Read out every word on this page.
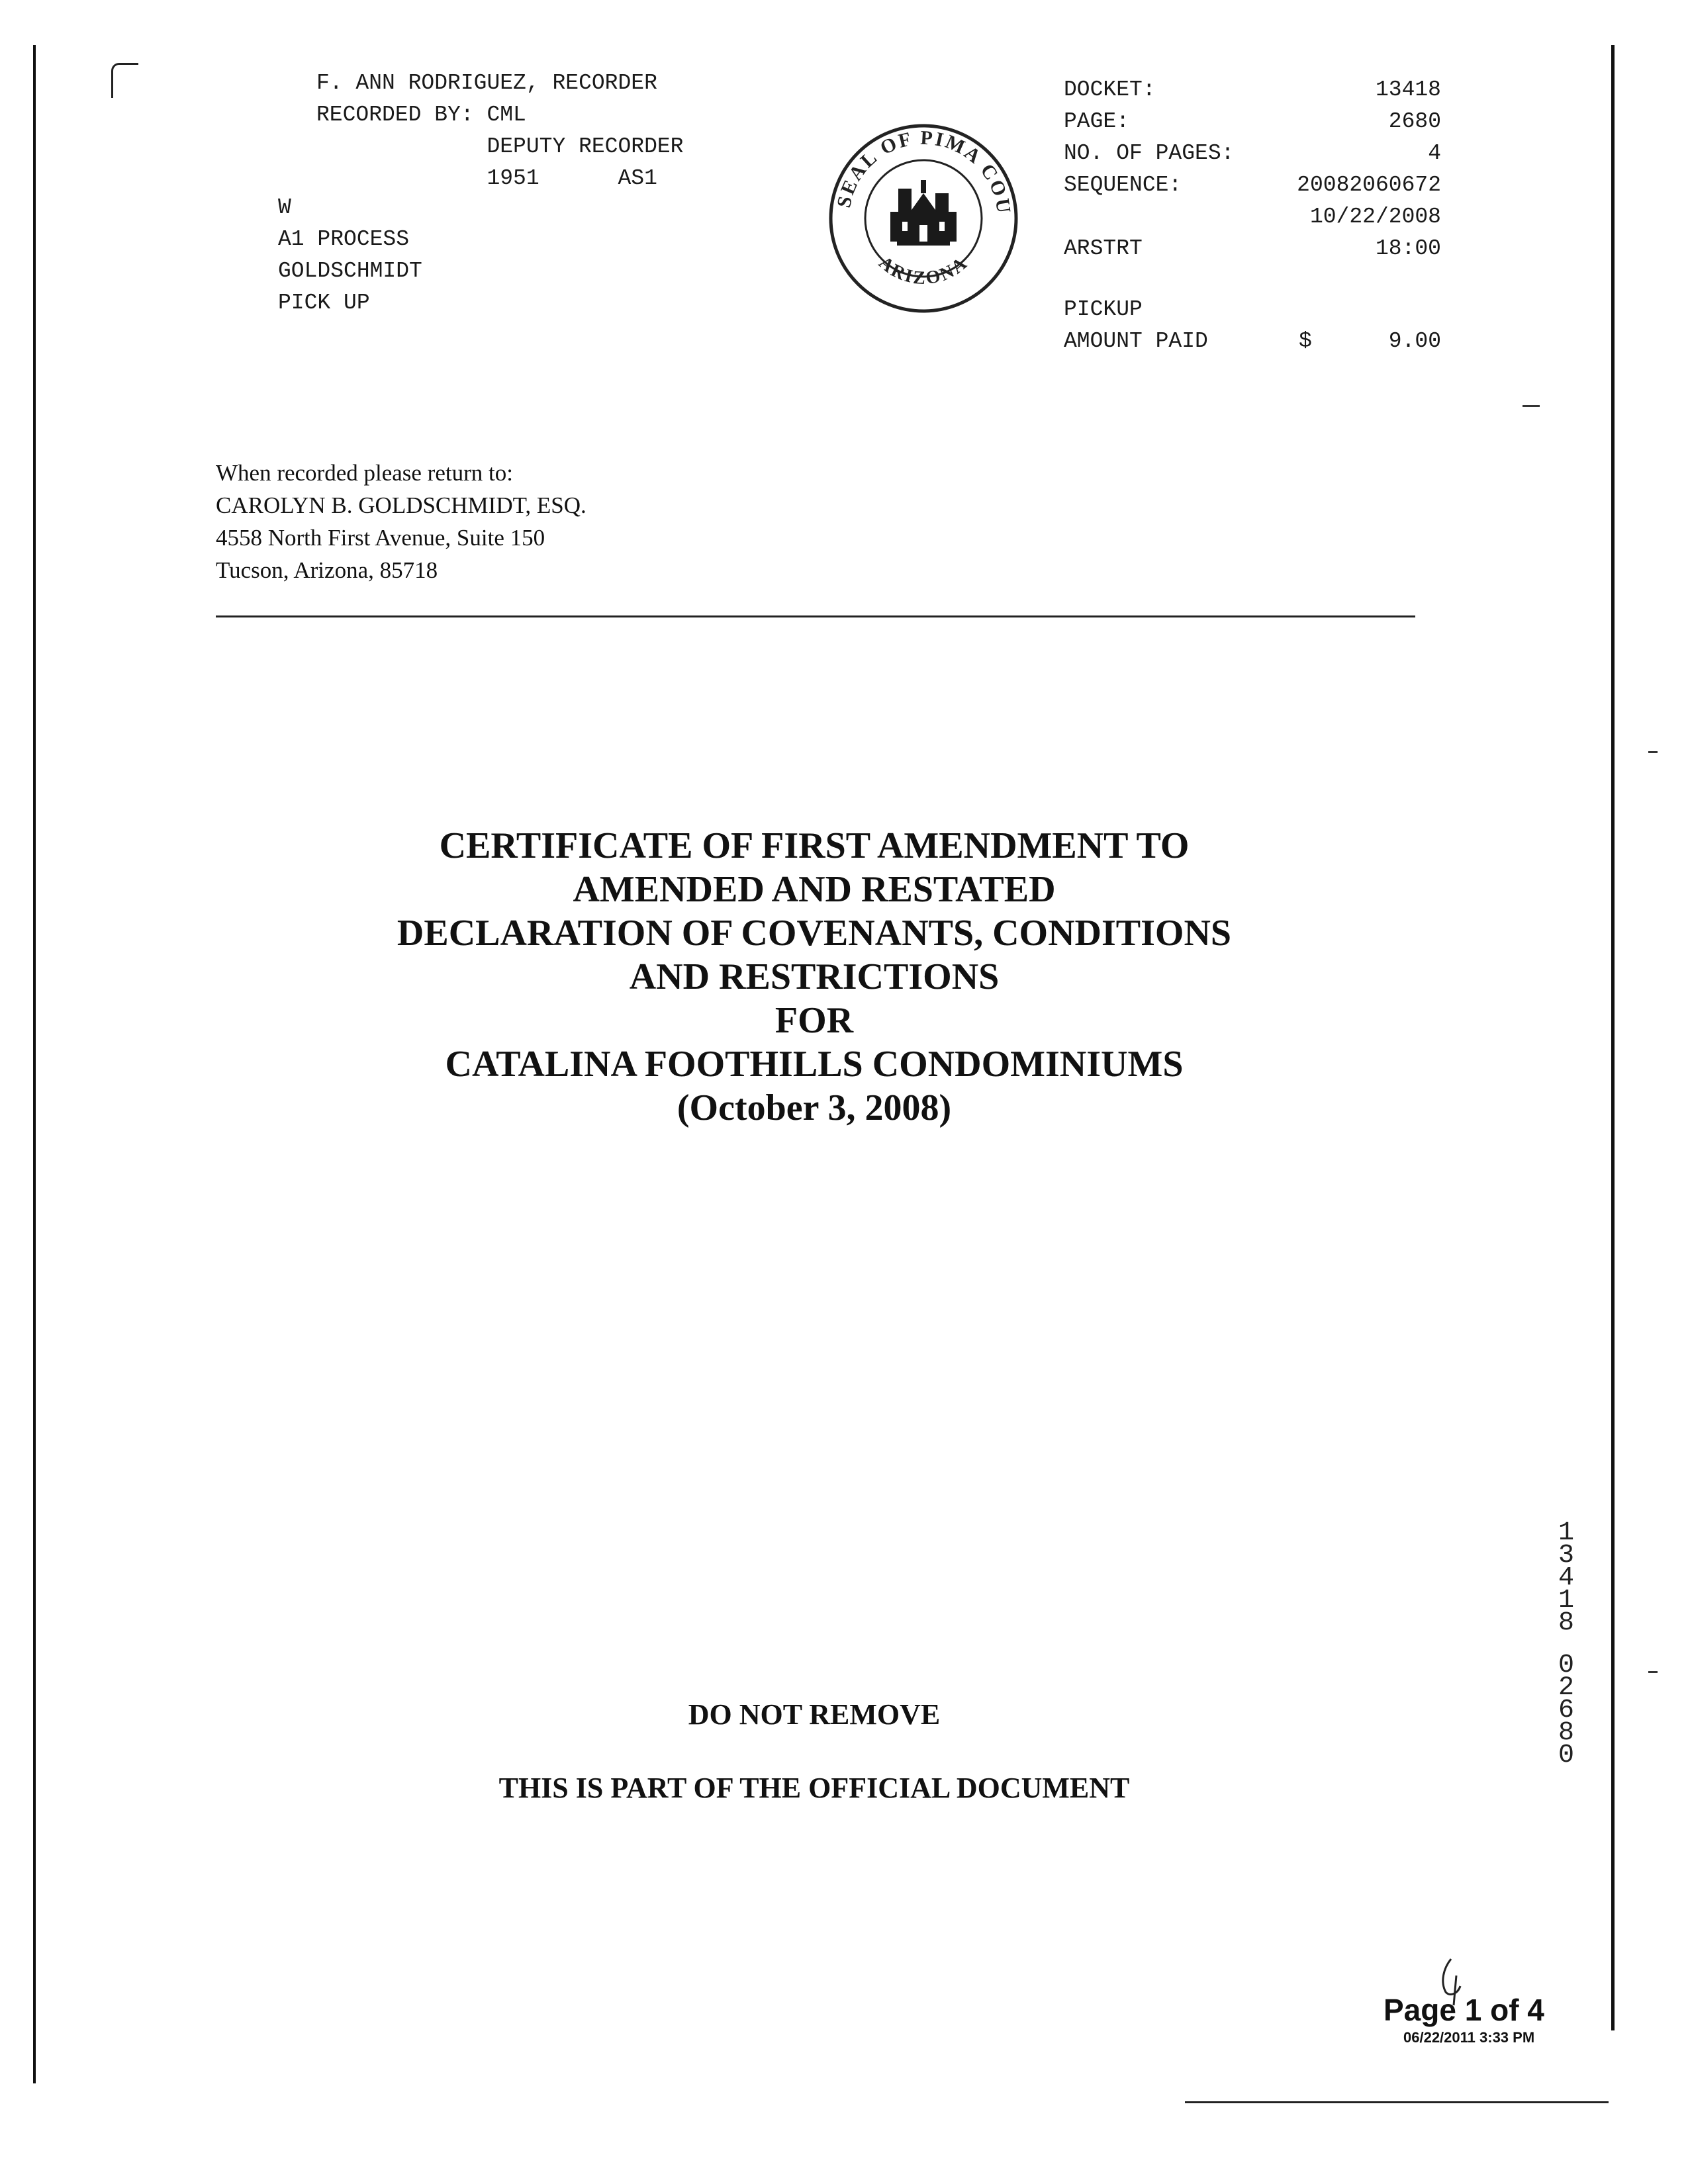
F. ANN RODRIGUEZ, RECORDER
RECORDED BY: CML
DEPUTY RECORDER
1951      AS1
W
A1 PROCESS
GOLDSCHMIDT
PICK UP
SEAL OF PIMA COU
ARIZONA
DOCKET:	13418
PAGE:	2680
NO. OF PAGES:	4
SEQUENCE:	20082060672
10/22/2008
ARSTRT	18:00
PICKUP
AMOUNT PAID	$	9.00
When recorded please return to:
CAROLYN B. GOLDSCHMIDT, ESQ.
4558 North First Avenue, Suite 150
Tucson, Arizona, 85718
CERTIFICATE OF FIRST AMENDMENT TO
AMENDED AND RESTATED
DECLARATION OF COVENANTS, CONDITIONS
AND RESTRICTIONS
FOR
CATALINA FOOTHILLS CONDOMINIUMS
(October 3, 2008)
1
3
4
1
8
0
2
6
8
0
DO NOT REMOVE
THIS IS PART OF THE OFFICIAL DOCUMENT
Page 1 of 4
06/22/2011 3:33 PM
